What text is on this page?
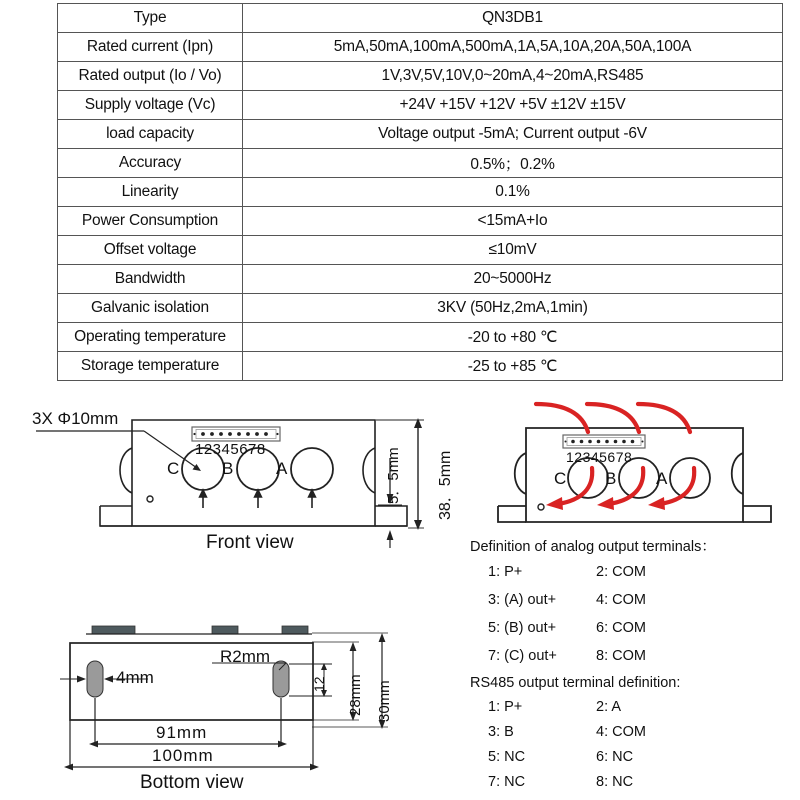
Type	QN3DB1
Rated current (Ipn)	5mA,50mA,100mA,500mA,1A,5A,10A,20A,50A,100A
Rated output (Io / Vo)	1V,3V,5V,10V,0~20mA,4~20mA,RS485
Supply voltage (Vc)	+24V +15V +12V +5V ±12V ±15V
load capacity	Voltage output -5mA; Current output -6V
Accuracy	0.5%；0.2%
Linearity	0.1%
Power Consumption	<15mA+Io
Offset voltage	≤10mV
Bandwidth	20~5000Hz
Galvanic isolation	3KV (50Hz,2mA,1min)
Operating temperature	-20 to +80 ℃
Storage temperature	-25 to +85 ℃
3X Φ10mm
12345678
C	B	A	38．5mm
5．5mm
Front view
12345678
C B A
Definition of analog output terminals：
1: P+	2: COM
3: (A) out+	4: COM
5: (B) out+	6: COM
7: (C) out+	8: COM
RS485 output terminal definition:
1: P+	2: A
3: B	4: COM
5: NC	6: NC
7: NC	8: NC
4mm
R2mm
12 28mm 30mm
91mm
100mm
Bottom view
